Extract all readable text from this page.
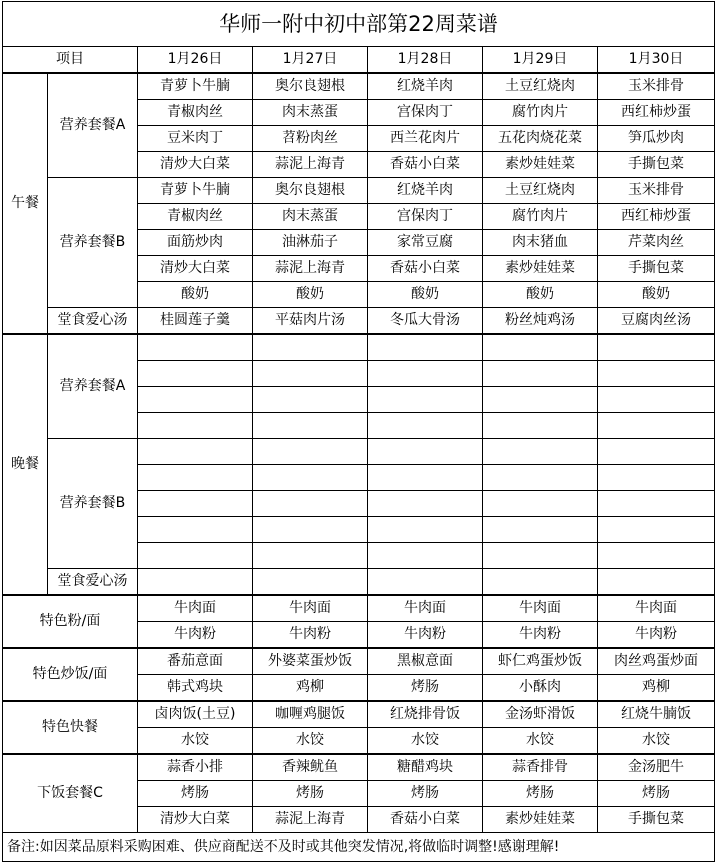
华师一附中初中部第22周菜谱						
项目		1月26日	1月27日	1月28日	1月29日	1月30日
午餐	营养套餐A	青萝卜牛腩	奥尔良翅根	红烧羊肉	土豆红烧肉	玉米排骨
		青椒肉丝	肉末蒸蛋	宫保肉丁	腐竹肉片	西红柿炒蛋
		豆米肉丁	苕粉肉丝	西兰花肉片	五花肉烧花菜	笋瓜炒肉
		清炒大白菜	蒜泥上海青	香菇小白菜	素炒娃娃菜	手撕包菜
	营养套餐B	青萝卜牛腩	奥尔良翅根	红烧羊肉	土豆红烧肉	玉米排骨
		青椒肉丝	肉末蒸蛋	宫保肉丁	腐竹肉片	西红柿炒蛋
		面筋炒肉	油淋茄子	家常豆腐	肉末猪血	芹菜肉丝
		清炒大白菜	蒜泥上海青	香菇小白菜	素炒娃娃菜	手撕包菜
		酸奶	酸奶	酸奶	酸奶	酸奶
	堂食爱心汤	桂圆莲子羹	平菇肉片汤	冬瓜大骨汤	粉丝炖鸡汤	豆腐肉丝汤
晚餐	营养套餐A					

	营养套餐B					

	堂食爱心汤					
特色粉/面		牛肉面	牛肉面	牛肉面	牛肉面	牛肉面
		牛肉粉	牛肉粉	牛肉粉	牛肉粉	牛肉粉
特色炒饭/面		番茄意面	外婆菜蛋炒饭	黑椒意面	虾仁鸡蛋炒饭	肉丝鸡蛋炒面
		韩式鸡块	鸡柳	烤肠	小酥肉	鸡柳
特色快餐		卤肉饭(土豆)	咖喱鸡腿饭	红烧排骨饭	金汤虾滑饭	红烧牛腩饭
		水饺	水饺	水饺	水饺	水饺
下饭套餐C		蒜香小排	香辣鱿鱼	糖醋鸡块	蒜香排骨	金汤肥牛
		烤肠	烤肠	烤肠	烤肠	烤肠
		清炒大白菜	蒜泥上海青	香菇小白菜	素炒娃娃菜	手撕包菜
备注:如因菜品原料采购困难、供应商配送不及时或其他突发情况,将做临时调整!感谢理解!						
